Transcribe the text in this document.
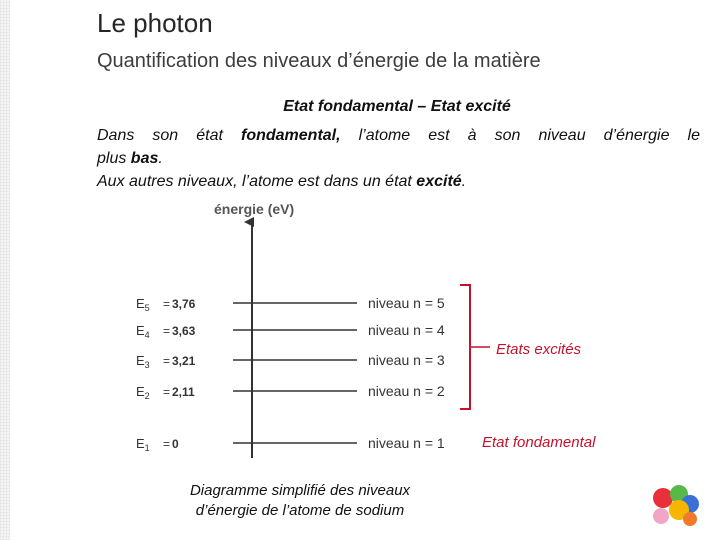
Le photon
Quantification des niveaux d’énergie de la matière
Etat fondamental – Etat excité
Dans son état fondamental, l’atome est à son niveau d’énergie le
plus bas.
Aux autres niveaux, l’atome est dans un état excité.
énergie (eV)
$E_5 = 3,76$	niveau n = 5
$E_4 = 3,63$	niveau n = 4
$E_3 = 3,21$	niveau n = 3
$E_2 = 2,11$	niveau n = 2
$E_1 = 0$	niveau n = 1
Etats excités
Etat fondamental
Diagramme simplifié des niveaux
d’énergie de l’atome de sodium
